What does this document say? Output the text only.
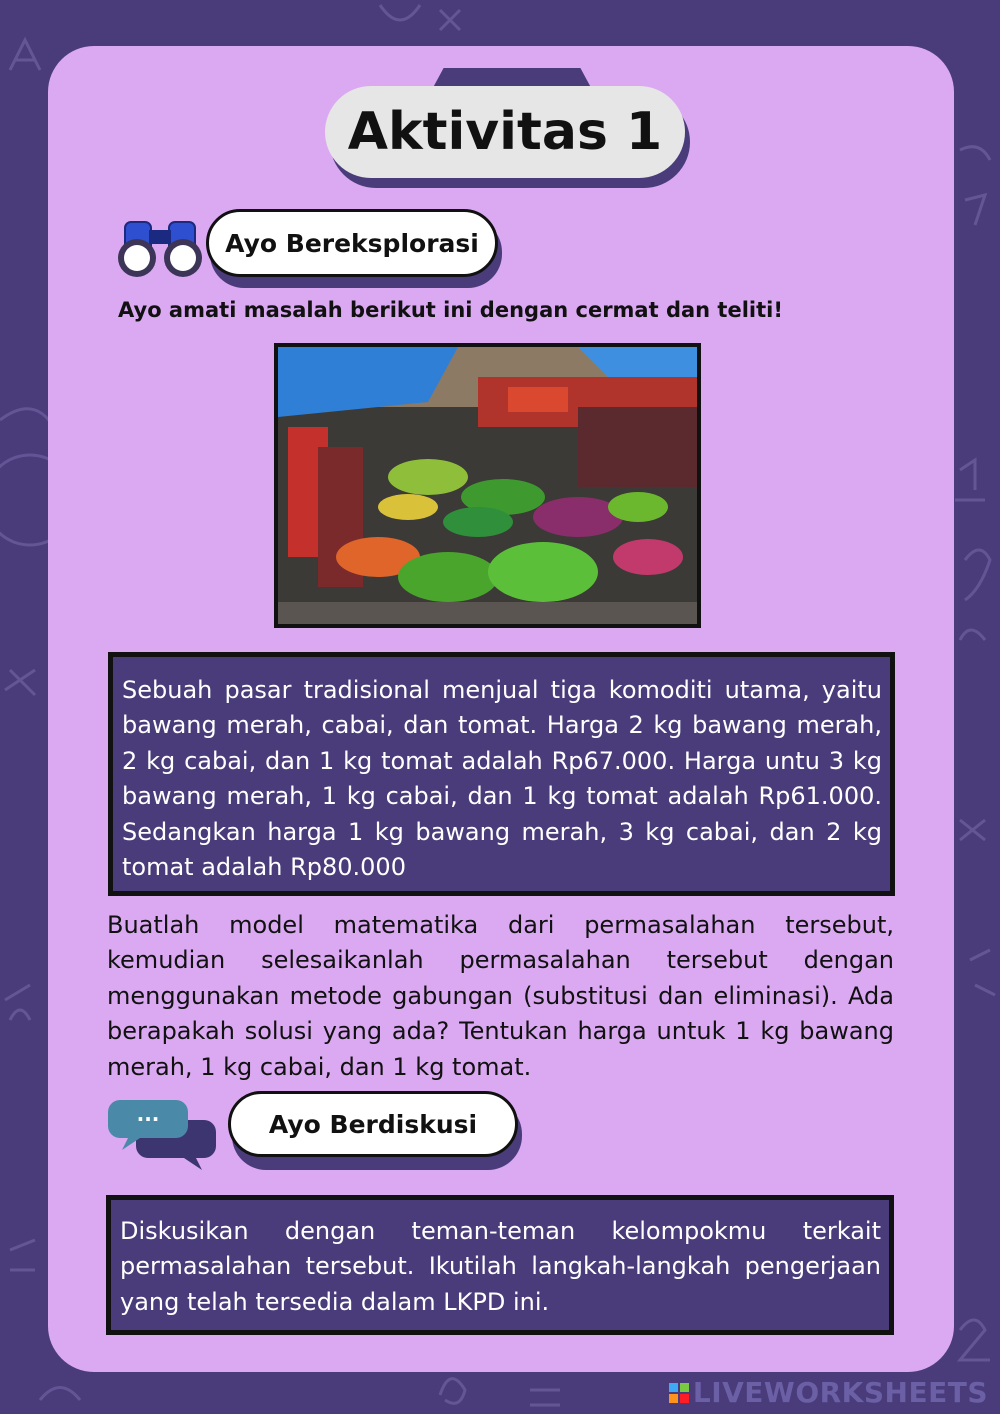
Aktivitas 1
Ayo Bereksplorasi
Ayo amati masalah berikut ini dengan cermat dan teliti!
Sebuah pasar tradisional menjual tiga komoditi utama, yaitu bawang merah, cabai, dan tomat. Harga 2 kg bawang merah, 2 kg cabai, dan 1 kg tomat adalah Rp67.000. Harga untu 3 kg bawang merah, 1 kg cabai, dan 1 kg tomat adalah Rp61.000. Sedangkan harga 1 kg bawang merah, 3 kg cabai, dan 2 kg tomat adalah Rp80.000
Buatlah model matematika dari permasalahan tersebut, kemudian selesaikanlah permasalahan tersebut dengan menggunakan metode gabungan (substitusi dan eliminasi). Ada berapakah solusi yang ada? Tentukan harga untuk 1 kg bawang merah, 1 kg cabai, dan 1 kg tomat.
...	Ayo Berdiskusi
Diskusikan dengan teman-teman kelompokmu terkait permasalahan tersebut. Ikutilah langkah-langkah pengerjaan yang telah tersedia dalam LKPD ini.
LIVEWORKSHEETS
